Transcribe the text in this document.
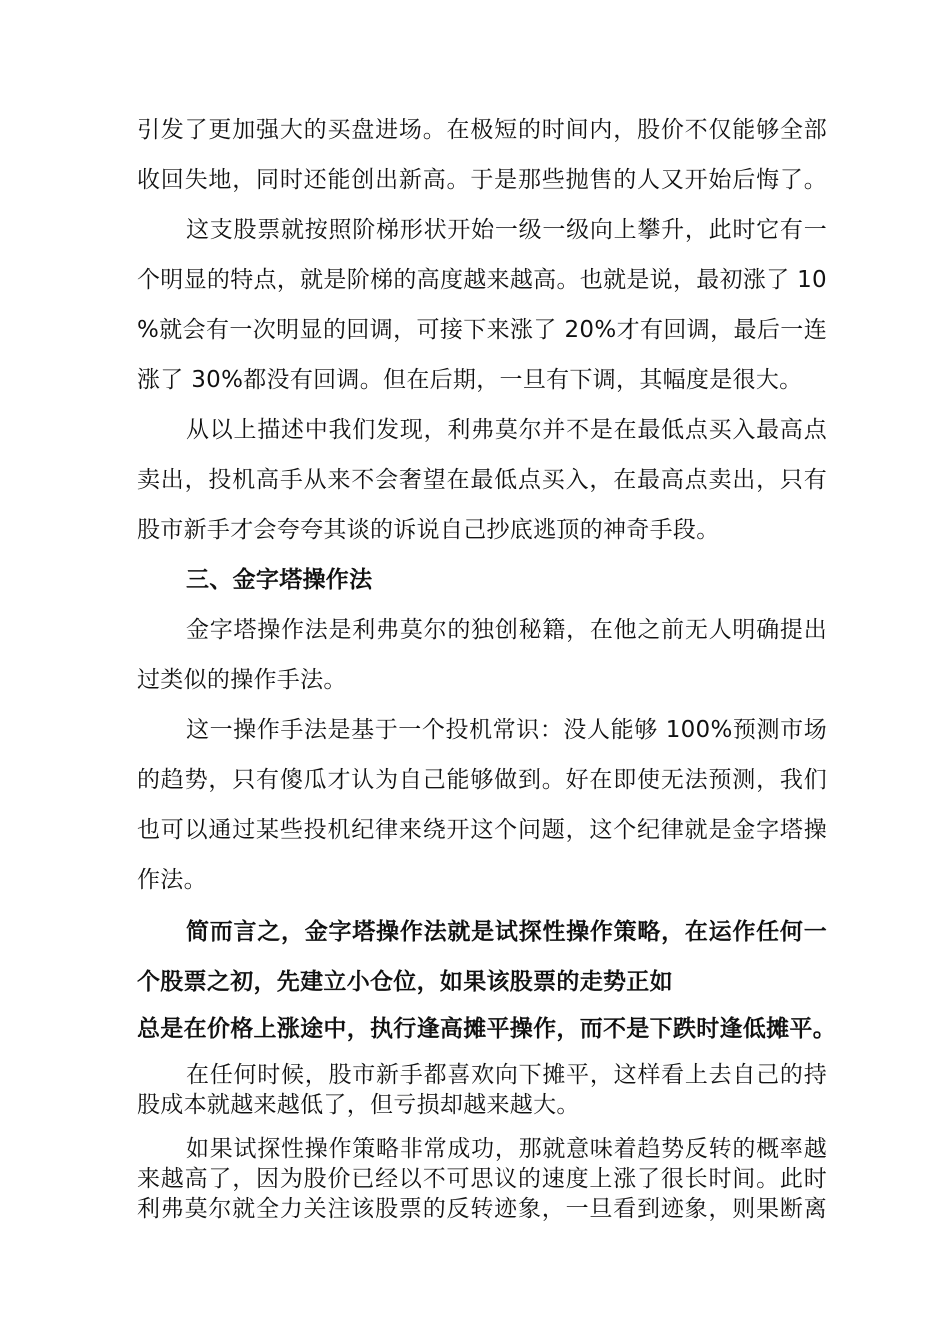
引发了更加强大的买盘进场。在极短的时间内，股价不仅能够全部
收回失地，同时还能创出新高。于是那些抛售的人又开始后悔了。
这支股票就按照阶梯形状开始一级一级向上攀升，此时它有一
个明显的特点，就是阶梯的高度越来越高。也就是说，最初涨了 10
%就会有一次明显的回调，可接下来涨了 20%才有回调，最后一连
涨了 30%都没有回调。但在后期，一旦有下调，其幅度是很大。
从以上描述中我们发现，利弗莫尔并不是在最低点买入最高点
卖出，投机高手从来不会奢望在最低点买入，在最高点卖出，只有
股市新手才会夸夸其谈的诉说自己抄底逃顶的神奇手段。
三、金字塔操作法
金字塔操作法是利弗莫尔的独创秘籍，在他之前无人明确提出
过类似的操作手法。
这一操作手法是基于一个投机常识：没人能够 100%预测市场
的趋势，只有傻瓜才认为自己能够做到。好在即使无法预测，我们
也可以通过某些投机纪律来绕开这个问题，这个纪律就是金字塔操
作法。
简而言之，金字塔操作法就是试探性操作策略，在运作任何一
个股票之初，先建立小仓位，如果该股票的走势正如
总是在价格上涨途中，执行逢高摊平操作，而不是下跌时逢低摊平。
在任何时候，股市新手都喜欢向下摊平，这样看上去自己的持
股成本就越来越低了，但亏损却越来越大。
如果试探性操作策略非常成功，那就意味着趋势反转的概率越
来越高了，因为股价已经以不可思议的速度上涨了很长时间。此时
利弗莫尔就全力关注该股票的反转迹象，一旦看到迹象，则果断离
